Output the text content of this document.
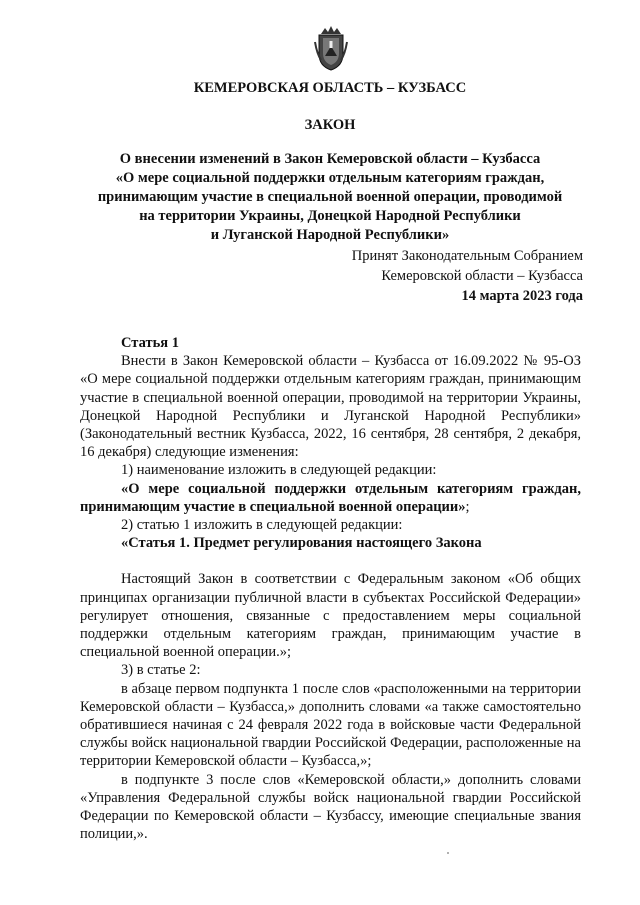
КЕМЕРОВСКАЯ ОБЛАСТЬ – КУЗБАСС
ЗАКОН
О внесении изменений в Закон Кемеровской области – Кузбасса
«О мере социальной поддержки отдельным категориям граждан,
принимающим участие в специальной военной операции, проводимой
на территории Украины, Донецкой Народной Республики
и Луганской Народной Республики»
Принят Законодательным Собранием
Кемеровской области – Кузбасса
14 марта 2023 года

Статья 1

Внести в Закон Кемеровской области – Кузбасса от 16.09.2022 № 95-ОЗ «О мере социальной поддержки отдельным категориям граждан, принимающим участие в специальной военной операции, проводимой на территории Украины, Донецкой Народной Республики и Луганской Народной Республики» (Законодательный вестник Кузбасса, 2022, 16 сентября, 28 сентября, 2 декабря, 16 декабря) следующие изменения:

1) наименование изложить в следующей редакции:

«О мере социальной поддержки отдельным категориям граждан, принимающим участие в специальной военной операции»;

2) статью 1 изложить в следующей редакции:

«Статья 1. Предмет регулирования настоящего Закона

Настоящий Закон в соответствии с Федеральным законом «Об общих принципах организации публичной власти в субъектах Российской Федерации» регулирует отношения, связанные с предоставлением меры социальной поддержки отдельным категориям граждан, принимающим участие в специальной военной операции.»;

3) в статье 2:

в абзаце первом подпункта 1 после слов «расположенными на территории Кемеровской области – Кузбасса,» дополнить словами «а также самостоятельно обратившиеся начиная с 24 февраля 2022 года в войсковые части Федеральной службы войск национальной гвардии Российской Федерации, расположенные на территории Кемеровской области – Кузбасса,»;

в подпункте 3 после слов «Кемеровской области,» дополнить словами «Управления Федеральной службы войск национальной гвардии Российской Федерации по Кемеровской области – Кузбассу, имеющие специальные звания полиции,».
